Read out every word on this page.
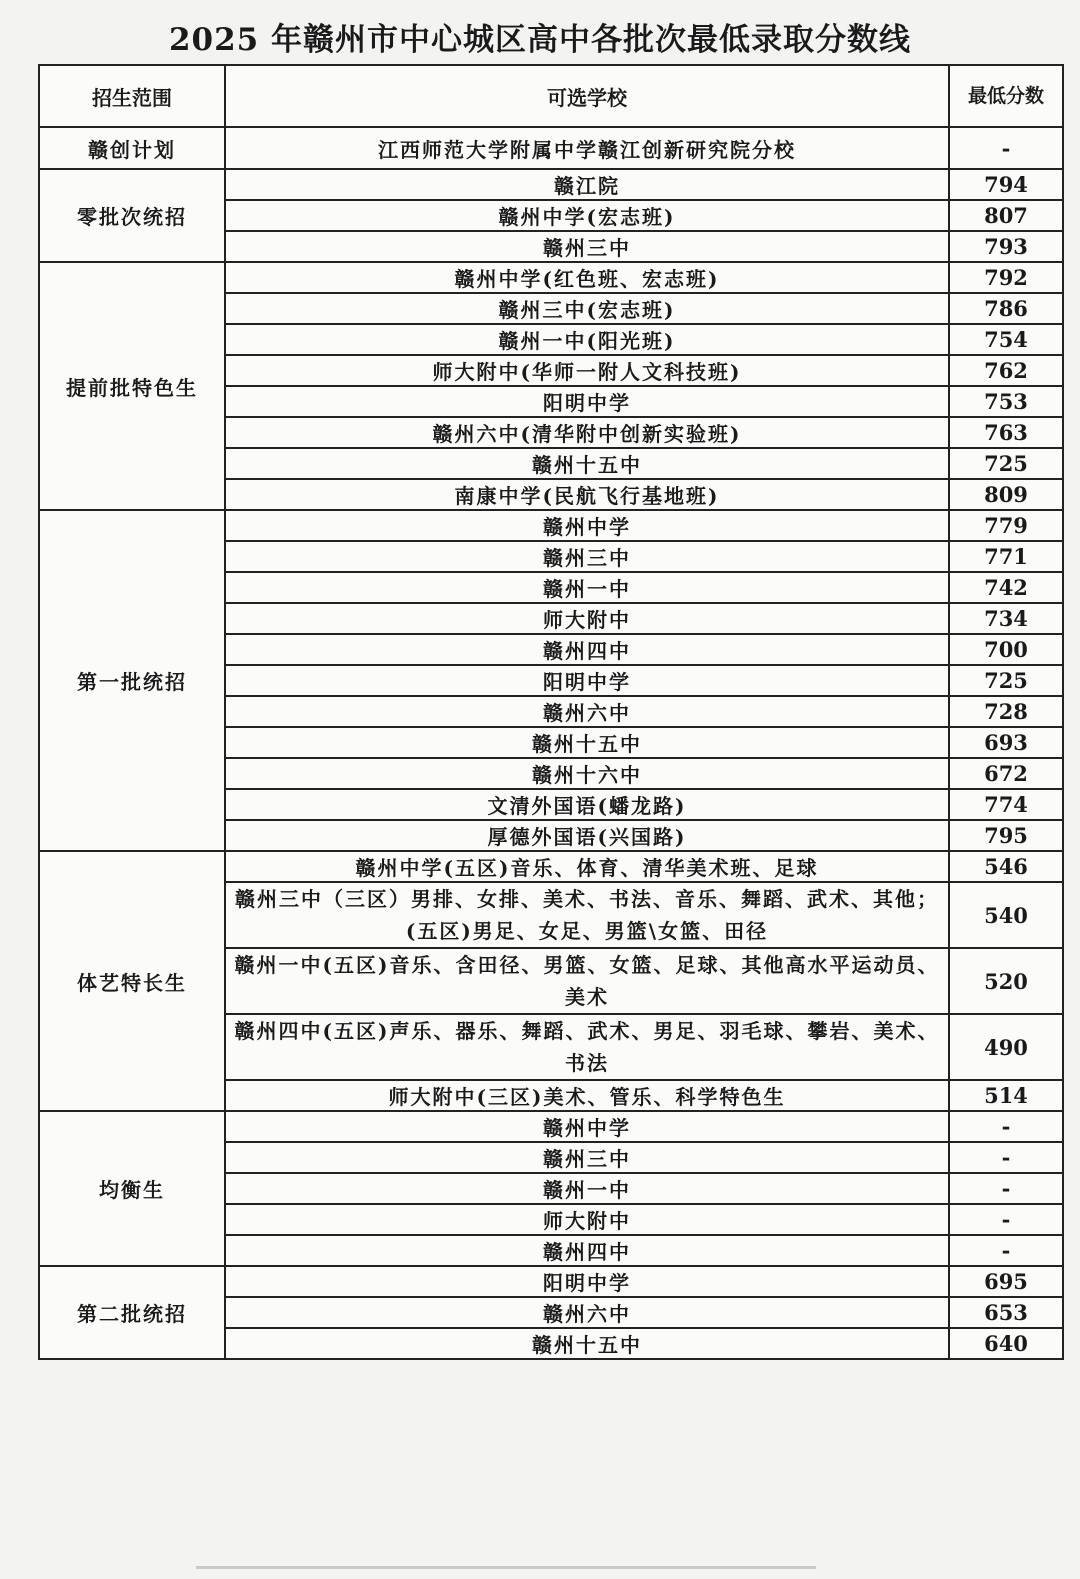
2025 年赣州市中心城区高中各批次最低录取分数线
招生范围	可选学校	最低分数
赣创计划	江西师范大学附属中学赣江创新研究院分校	-
零批次统招	赣江院	794
	赣州中学(宏志班)	807
	赣州三中	793
提前批特色生	赣州中学(红色班、宏志班)	792
	赣州三中(宏志班)	786
	赣州一中(阳光班)	754
	师大附中(华师一附人文科技班)	762
	阳明中学	753
	赣州六中(清华附中创新实验班)	763
	赣州十五中	725
	南康中学(民航飞行基地班)	809
第一批统招	赣州中学	779
	赣州三中	771
	赣州一中	742
	师大附中	734
	赣州四中	700
	阳明中学	725
	赣州六中	728
	赣州十五中	693
	赣州十六中	672
	文清外国语(蟠龙路)	774
	厚德外国语(兴国路)	795
体艺特长生	赣州中学(五区)音乐、体育、清华美术班、足球	546
	赣州三中（三区）男排、女排、美术、书法、音乐、舞蹈、武术、其他；(五区)男足、女足、男篮\女篮、田径	540
	赣州一中(五区)音乐、含田径、男篮、女篮、足球、其他高水平运动员、美术	520
	赣州四中(五区)声乐、器乐、舞蹈、武术、男足、羽毛球、攀岩、美术、书法	490
	师大附中(三区)美术、管乐、科学特色生	514
均衡生	赣州中学	-
	赣州三中	-
	赣州一中	-
	师大附中	-
	赣州四中	-
第二批统招	阳明中学	695
	赣州六中	653
	赣州十五中	640
